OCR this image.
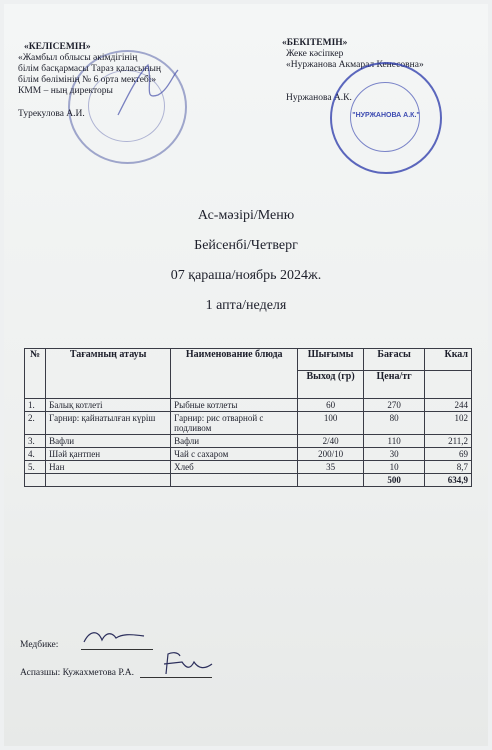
«КЕЛІСЕМІН»
«Жамбыл облысы әкімдігінің
білім басқармасы Тараз қаласының
білім бөлімінің № 6 орта мектебі»
КММ – ның директоры
Турекулова А.И.
«БЕКІТЕМІН»
Жеке кәсіпкер
«Нуржанова Акмарал Кенесовна»
Нуржанова А.К.
"НУРЖАНОВА А.К."
Ас-мәзірі/Меню
Бейсенбі/Четверг
07 қараша/ноябрь 2024ж.
1 апта/неделя
№	Тағамның атауы	Наименование блюда	Шығымы	Бағасы	Ккал
			Выход (гр)	Цена/тг	
1.	Балық котлеті	Рыбные котлеты	60	270	244
2.	Гарнир: қайнатылған күріш	Гарнир: рис отварной с подливом	100	80	102
3.	Вафли	Вафли	2/40	110	211,2
4.	Шәй қантпен	Чай с сахаром	200/10	30	69
5.	Нан	Хлеб	35	10	8,7
				500	634,9
Медбике:
Аспазшы: Кужахметова Р.А.
